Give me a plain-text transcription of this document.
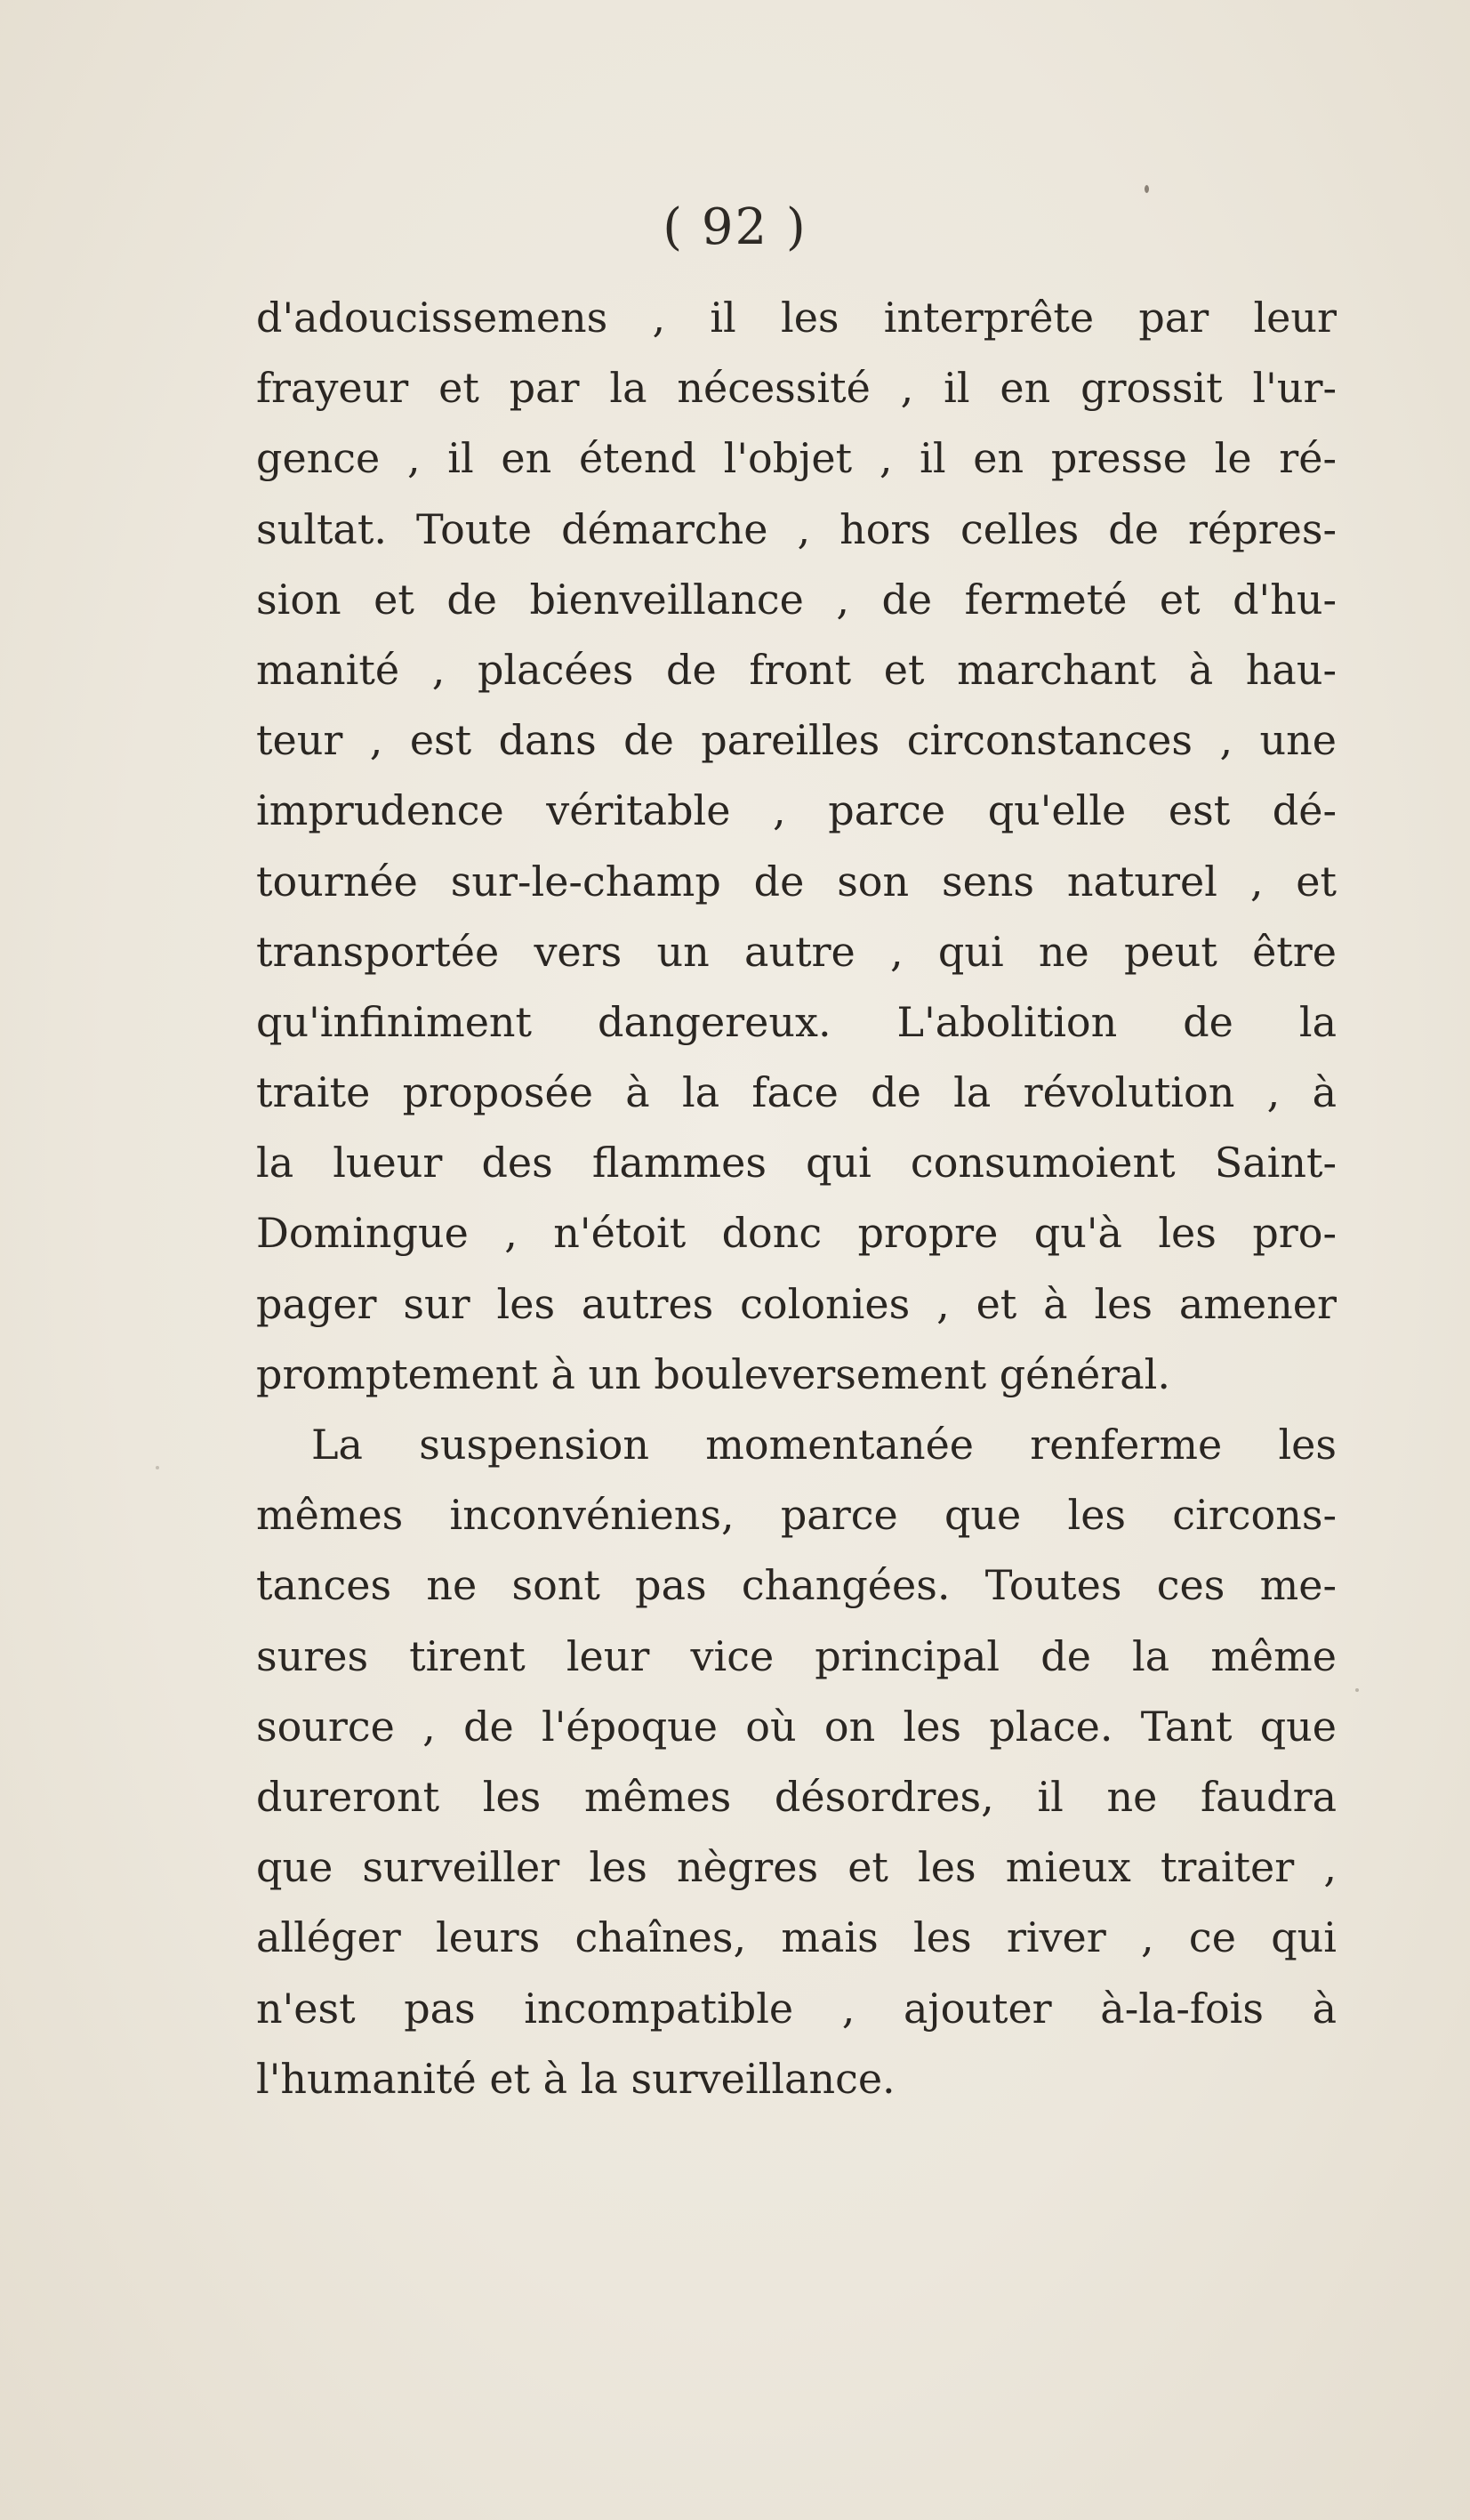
( 92 )
d'adoucissemens , il les interprête par leur
frayeur et par la nécessité , il en grossit l'ur-
gence , il en étend l'objet , il en presse le ré-
sultat. Toute démarche , hors celles de répres-
sion et de bienveillance , de fermeté et d'hu-
manité , placées de front et marchant à hau-
teur , est dans de pareilles circonstances , une
imprudence véritable , parce qu'elle est dé-
tournée sur-le-champ de son sens naturel , et
transportée vers un autre , qui ne peut être
qu'infiniment dangereux. L'abolition de la
traite proposée à la face de la révolution , à
la lueur des flammes qui consumoient Saint-
Domingue , n'étoit donc propre qu'à les pro-
pager sur les autres colonies , et à les amener
promptement à un bouleversement général.
La suspension momentanée renferme les
mêmes inconvéniens, parce que les circons-
tances ne sont pas changées. Toutes ces me-
sures tirent leur vice principal de la même
source , de l'époque où on les place. Tant que
dureront les mêmes désordres, il ne faudra
que surveiller les nègres et les mieux traiter ,
alléger leurs chaînes, mais les river , ce qui
n'est pas incompatible , ajouter à-la-fois à
l'humanité et à la surveillance.
